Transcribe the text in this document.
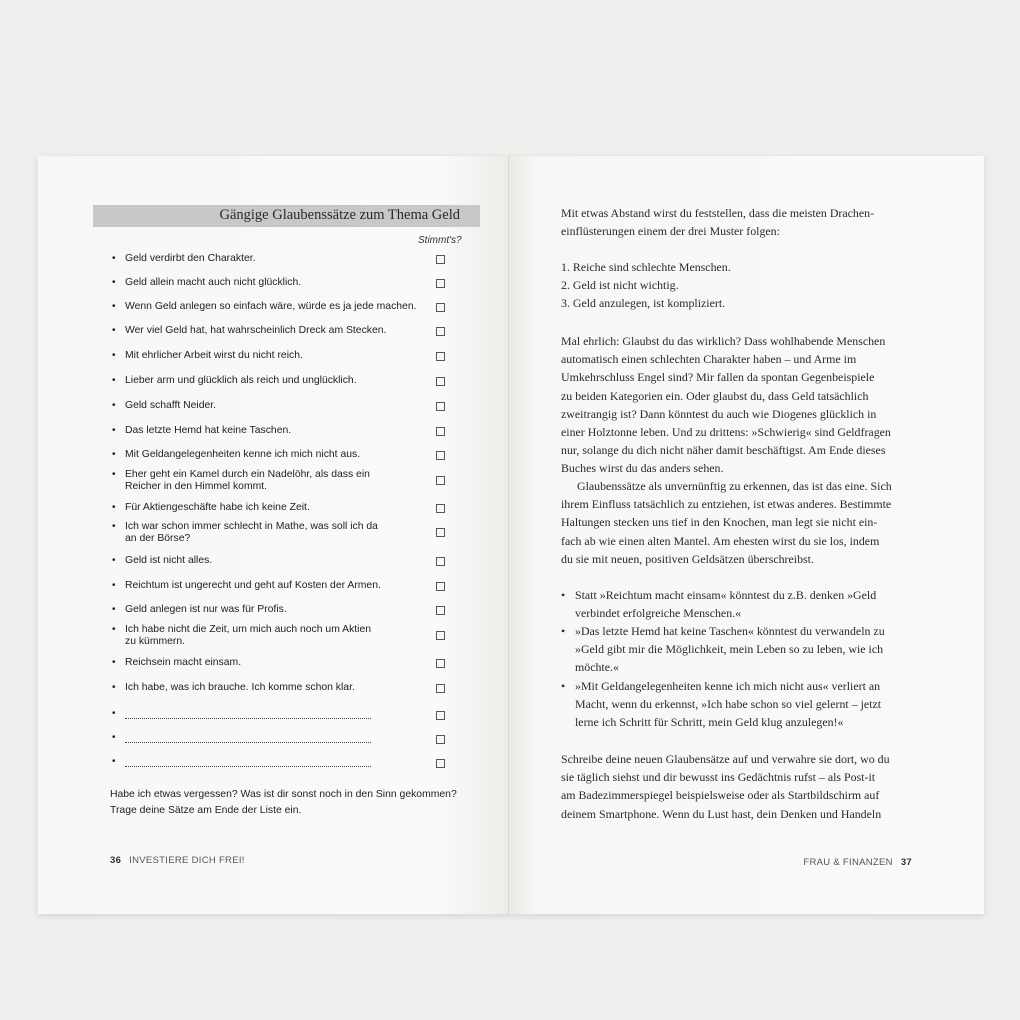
Gängige Glaubenssätze zum Thema Geld
Stimmt's?
• Geld verdirbt den Charakter.
• Geld allein macht auch nicht glücklich.
• Wenn Geld anlegen so einfach wäre, würde es ja jede machen.
• Wer viel Geld hat, hat wahrscheinlich Dreck am Stecken.
• Mit ehrlicher Arbeit wirst du nicht reich.
• Lieber arm und glücklich als reich und unglücklich.
• Geld schafft Neider.
• Das letzte Hemd hat keine Taschen.
• Mit Geldangelegenheiten kenne ich mich nicht aus.
• Eher geht ein Kamel durch ein Nadelöhr, als dass ein
Reicher in den Himmel kommt.
• Für Aktiengeschäfte habe ich keine Zeit.
• Ich war schon immer schlecht in Mathe, was soll ich da
an der Börse?
• Geld ist nicht alles.
• Reichtum ist ungerecht und geht auf Kosten der Armen.
• Geld anlegen ist nur was für Profis.
• Ich habe nicht die Zeit, um mich auch noch um Aktien
zu kümmern.
• Reichsein macht einsam.
• Ich habe, was ich brauche. Ich komme schon klar.
•
•
•
Habe ich etwas vergessen? Was ist dir sonst noch in den Sinn gekommen?
Trage deine Sätze am Ende der Liste ein.
36 INVESTIERE DICH FREI!
Mit etwas Abstand wirst du feststellen, dass die meisten Drachen-
einflüsterungen einem der drei Muster folgen:
1. Reiche sind schlechte Menschen.
2. Geld ist nicht wichtig.
3. Geld anzulegen, ist kompliziert.
Mal ehrlich: Glaubst du das wirklich? Dass wohlhabende Menschen
automatisch einen schlechten Charakter haben – und Arme im
Umkehrschluss Engel sind? Mir fallen da spontan Gegenbeispiele
zu beiden Kategorien ein. Oder glaubst du, dass Geld tatsächlich
zweitrangig ist? Dann könntest du auch wie Diogenes glücklich in
einer Holztonne leben. Und zu drittens: »Schwierig« sind Geldfragen
nur, solange du dich nicht näher damit beschäftigst. Am Ende dieses
Buches wirst du das anders sehen.
Glaubenssätze als unvernünftig zu erkennen, das ist das eine. Sich
ihrem Einfluss tatsächlich zu entziehen, ist etwas anderes. Bestimmte
Haltungen stecken uns tief in den Knochen, man legt sie nicht ein-
fach ab wie einen alten Mantel. Am ehesten wirst du sie los, indem
du sie mit neuen, positiven Geldsätzen überschreibst.
• Statt »Reichtum macht einsam« könntest du z.B. denken »Geld
verbindet erfolgreiche Menschen.«
• »Das letzte Hemd hat keine Taschen« könntest du verwandeln zu
»Geld gibt mir die Möglichkeit, mein Leben so zu leben, wie ich
möchte.«
• »Mit Geldangelegenheiten kenne ich mich nicht aus« verliert an
Macht, wenn du erkennst, »Ich habe schon so viel gelernt – jetzt
lerne ich Schritt für Schritt, mein Geld klug anzulegen!«
Schreibe deine neuen Glaubensätze auf und verwahre sie dort, wo du
sie täglich siehst und dir bewusst ins Gedächtnis rufst – als Post-it
am Badezimmerspiegel beispielsweise oder als Startbildschirm auf
deinem Smartphone. Wenn du Lust hast, dein Denken und Handeln
FRAU & FINANZEN 37
